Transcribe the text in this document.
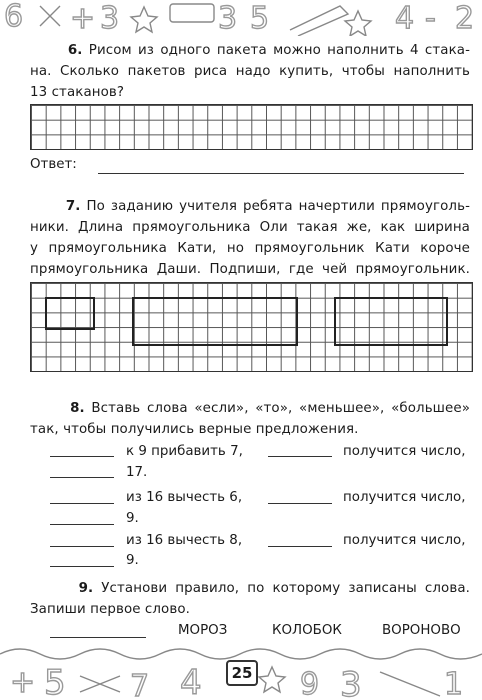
6 + 3	3 5	4 - 2
6. Рисом из одного пакета можно наполнить 4 стака-
на. Сколько пакетов риса надо купить, чтобы наполнить
13 стаканов?
Ответ:
7. По заданию учителя ребята начертили прямоуголь-
ники. Длина прямоугольника Оли такая же, как ширина
у прямоугольника Кати, но прямоугольник Кати короче
прямоугольника Даши. Подпиши, где чей прямоугольник.
8. Вставь слова «если», «то», «меньшее», «большее»
так, чтобы получились верные предложения.
к 9 прибавить 7,	получится число,
17.
из 16 вычесть 6,	получится число,
9.
из 16 вычесть 8,	получится число,
9.
9. Установи правило, по которому записаны слова.
Запиши первое слово.
МОРОЗ	КОЛОБОК	ВОРОНОВО
+ 5 7 4	9 3	1
25
